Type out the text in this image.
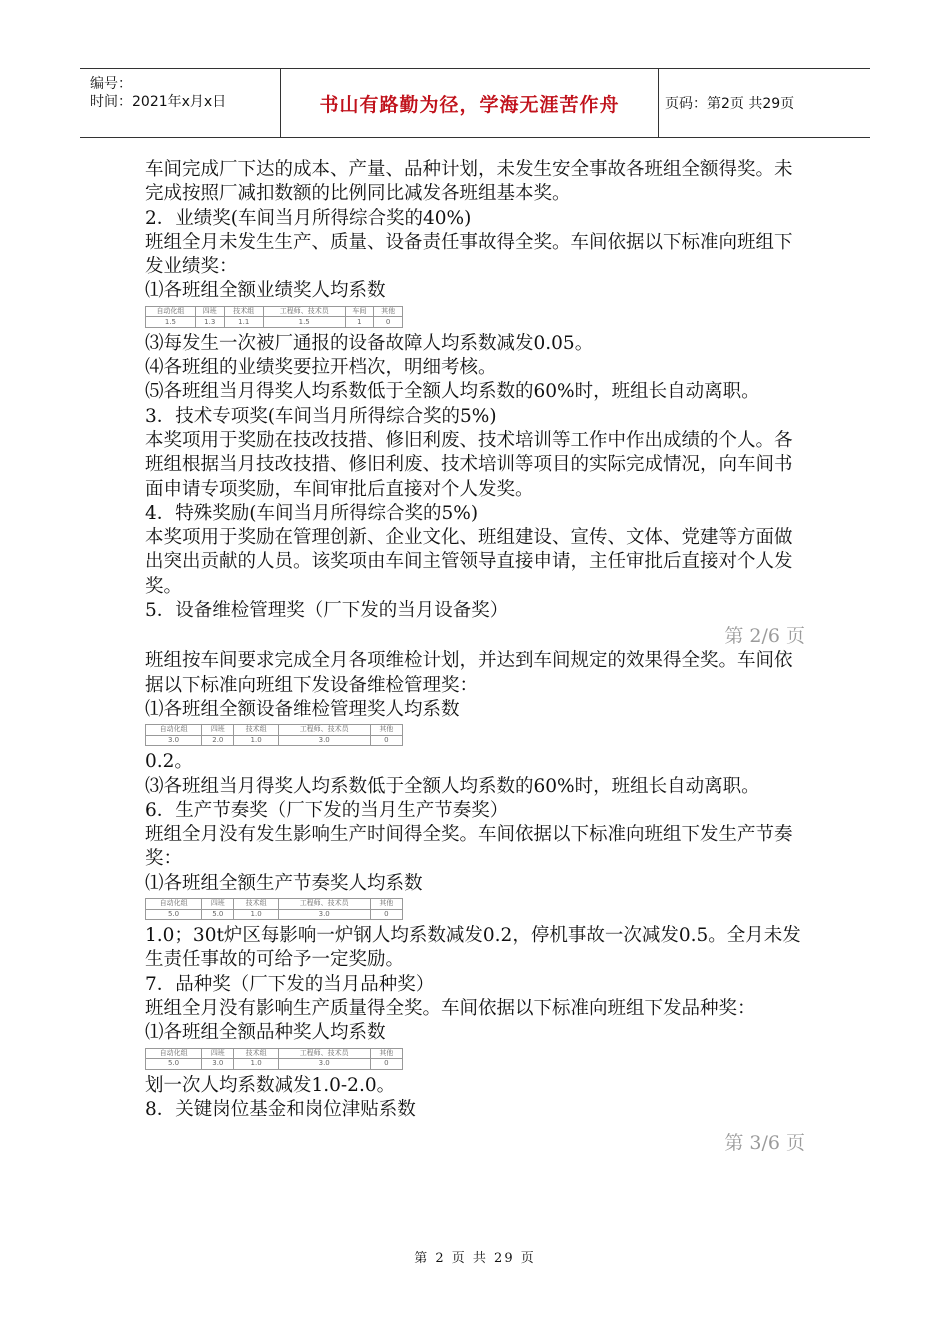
编号：
时间：2021年x月x日	书山有路勤为径，学海无涯苦作舟	页码：第2页 共29页

车间完成厂下达的成本、产量、品种计划，未发生安全事故各班组全额得奖。未完成按照厂减扣数额的比例同比减发各班组基本奖。

2．业绩奖(车间当月所得综合奖的40%)

班组全月未发生生产、质量、设备责任事故得全奖。车间依据以下标准向班组下发业绩奖：

⑴各班组全额业绩奖人均系数

自动化组	四班	技术组	工程师、技术员	车间	其他
1.5	1.3	1.1	1.5	1	0

⑶每发生一次被厂通报的设备故障人均系数减发0.05。

⑷各班组的业绩奖要拉开档次，明细考核。

⑸各班组当月得奖人均系数低于全额人均系数的60%时，班组长自动离职。

3．技术专项奖(车间当月所得综合奖的5%)

本奖项用于奖励在技改技措、修旧利废、技术培训等工作中作出成绩的个人。各班组根据当月技改技措、修旧利废、技术培训等项目的实际完成情况，向车间书面申请专项奖励，车间审批后直接对个人发奖。

4．特殊奖励(车间当月所得综合奖的5%)

本奖项用于奖励在管理创新、企业文化、班组建设、宣传、文体、党建等方面做出突出贡献的人员。该奖项由车间主管领导直接申请，主任审批后直接对个人发奖。

5．设备维检管理奖（厂下发的当月设备奖）

第 2/6 页

班组按车间要求完成全月各项维检计划，并达到车间规定的效果得全奖。车间依据以下标准向班组下发设备维检管理奖：

⑴各班组全额设备维检管理奖人均系数

自动化组	四班	技术组	工程师、技术员	其他
3.0	2.0	1.0	3.0	0

0.2。

⑶各班组当月得奖人均系数低于全额人均系数的60%时，班组长自动离职。

6．生产节奏奖（厂下发的当月生产节奏奖）

班组全月没有发生影响生产时间得全奖。车间依据以下标准向班组下发生产节奏奖：

⑴各班组全额生产节奏奖人均系数

自动化组	四班	技术组	工程师、技术员	其他
5.0	5.0	1.0	3.0	0

1.0；30t炉区每影响一炉钢人均系数减发0.2，停机事故一次减发0.5。全月未发生责任事故的可给予一定奖励。

7．品种奖（厂下发的当月品种奖）

班组全月没有影响生产质量得全奖。车间依据以下标准向班组下发品种奖：

⑴各班组全额品种奖人均系数

自动化组	四班	技术组	工程师、技术员	其他
5.0	3.0	1.0	3.0	0

划一次人均系数减发1.0-2.0。

8．关键岗位基金和岗位津贴系数

第 3/6 页

第 2 页 共 29 页
